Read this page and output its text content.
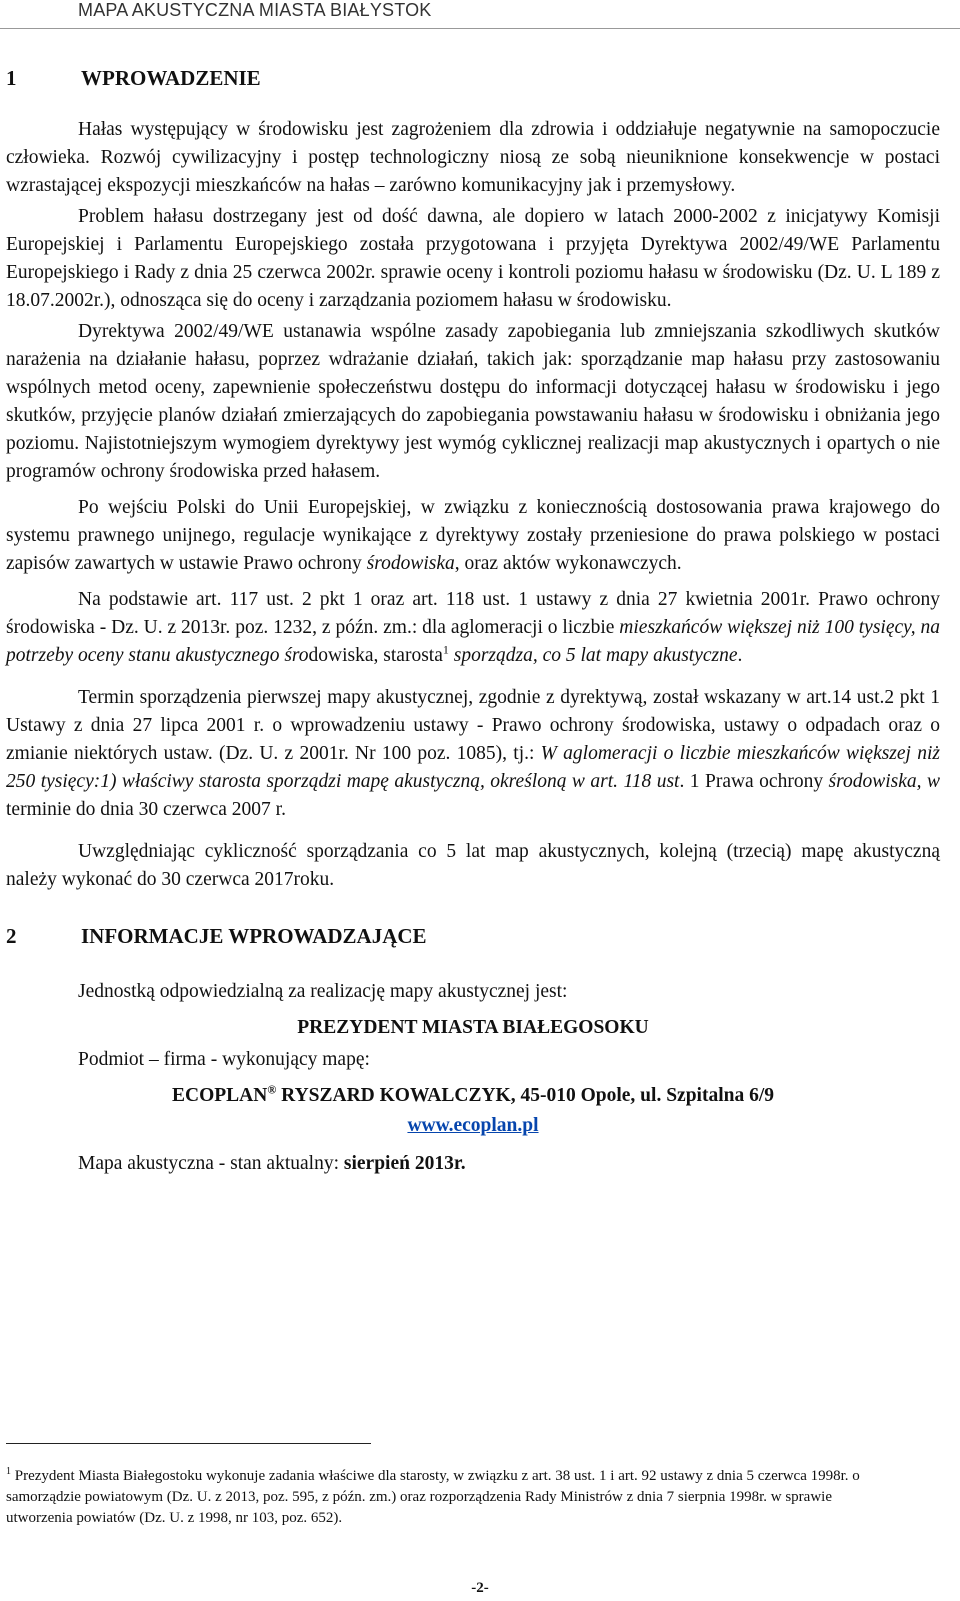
MAPA AKUSTYCZNA MIASTA BIAŁYSTOK
1	WPROWADZENIE

Hałas występujący w środowisku jest zagrożeniem dla zdrowia i oddziałuje negatywnie na samopoczucie człowieka. Rozwój cywilizacyjny i postęp technologiczny niosą ze sobą nieuniknione konsekwencje w postaci wzrastającej ekspozycji mieszkańców na hałas – zarówno komunikacyjny jak i przemysłowy.

Problem hałasu dostrzegany jest od dość dawna, ale dopiero w latach 2000-2002 z inicjatywy Komisji Europejskiej i Parlamentu Europejskiego została przygotowana i przyjęta Dyrektywa 2002/49/WE Parlamentu Europejskiego i Rady z dnia 25 czerwca 2002r. sprawie oceny i kontroli poziomu hałasu w środowisku (Dz. U. L 189 z 18.07.2002r.), odnosząca się do oceny i zarządzania poziomem hałasu w środowisku.

Dyrektywa 2002/49/WE ustanawia wspólne zasady zapobiegania lub zmniejszania szkodliwych skutków narażenia na działanie hałasu, poprzez wdrażanie działań, takich jak: sporządzanie map hałasu przy zastosowaniu wspólnych metod oceny, zapewnienie społeczeństwu dostępu do informacji dotyczącej hałasu w środowisku i jego skutków, przyjęcie planów działań zmierzających do zapobiegania powstawaniu hałasu w środowisku i obniżania jego poziomu. Najistotniejszym wymogiem dyrektywy jest wymóg cyklicznej realizacji map akustycznych i opartych o nie programów ochrony środowiska przed hałasem.

Po wejściu Polski do Unii Europejskiej, w związku z koniecznością dostosowania prawa krajowego do systemu prawnego unijnego, regulacje wynikające z dyrektywy zostały przeniesione do prawa polskiego w postaci zapisów zawartych w ustawie Prawo ochrony środowiska, oraz aktów wykonawczych.

Na podstawie art. 117 ust. 2 pkt 1 oraz art. 118 ust. 1 ustawy z dnia 27 kwietnia 2001r. Prawo ochrony środowiska - Dz. U. z 2013r. poz. 1232, z późn. zm.: dla aglomeracji o liczbie mieszkańców większej niż 100 tysięcy, na potrzeby oceny stanu akustycznego środowiska, starosta$^1$ sporządza, co 5 lat mapy akustyczne.

Termin sporządzenia pierwszej mapy akustycznej, zgodnie z dyrektywą, został wskazany w art.14 ust.2 pkt 1 Ustawy z dnia 27 lipca 2001 r. o wprowadzeniu ustawy - Prawo ochrony środowiska, ustawy o odpadach oraz o zmianie niektórych ustaw. (Dz. U. z 2001r. Nr 100 poz. 1085), tj.: W aglomeracji o liczbie mieszkańców większej niż 250 tysięcy:1) właściwy starosta sporządzi mapę akustyczną, określoną w art. 118 ust. 1 Prawa ochrony środowiska, w terminie do dnia 30 czerwca 2007 r.

Uwzględniając cykliczność sporządzania co 5 lat map akustycznych, kolejną (trzecią) mapę akustyczną należy wykonać do 30 czerwca 2017roku.

2	INFORMACJE WPROWADZAJĄCE

Jednostką odpowiedzialną za realizację mapy akustycznej jest:

PREZYDENT MIASTA BIAŁEGOSOKU

Podmiot – firma - wykonujący mapę:

ECOPLAN® RYSZARD KOWALCZYK, 45-010 Opole, ul. Szpitalna 6/9

www.ecoplan.pl

Mapa akustyczna - stan aktualny: sierpień 2013r.

$^1$ Prezydent Miasta Białegostoku wykonuje zadania właściwe dla starosty, w związku z art. 38 ust. 1 i art. 92 ustawy z dnia 5 czerwca 1998r. o samorządzie powiatowym (Dz. U. z 2013, poz. 595, z późn. zm.) oraz rozporządzenia Rady Ministrów z dnia 7 sierpnia 1998r. w sprawie utworzenia powiatów (Dz. U. z 1998, nr 103, poz. 652).
-2-
